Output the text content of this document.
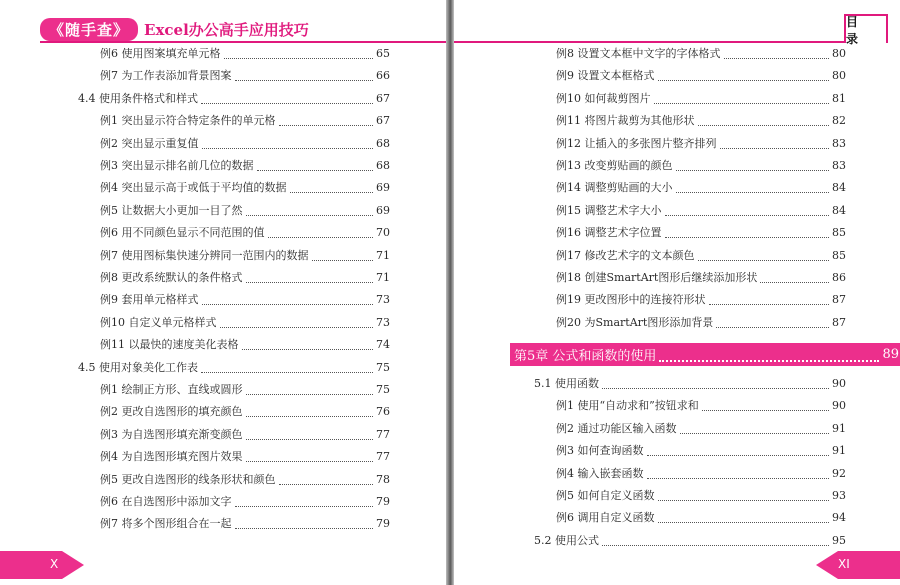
《随手查》	Excel办公高手应用技巧
例6 使用图案填充单元格	65
例7 为工作表添加背景图案	66
4.4 使用条件格式和样式	67
例1 突出显示符合特定条件的单元格	67
例2 突出显示重复值	68
例3 突出显示排名前几位的数据	68
例4 突出显示高于或低于平均值的数据	69
例5 让数据大小更加一目了然	69
例6 用不同颜色显示不同范围的值	70
例7 使用图标集快速分辨同一范围内的数据	71
例8 更改系统默认的条件格式	71
例9 套用单元格样式	73
例10 自定义单元格样式	73
例11 以最快的速度美化表格	74
4.5 使用对象美化工作表	75
例1 绘制正方形、直线或圆形	75
例2 更改自选图形的填充颜色	76
例3 为自选图形填充渐变颜色	77
例4 为自选图形填充图片效果	77
例5 更改自选图形的线条形状和颜色	78
例6 在自选图形中添加文字	79
例7 将多个图形组合在一起	79
X
目 录
例8 设置文本框中文字的字体格式	80
例9 设置文本框格式	80
例10 如何裁剪图片	81
例11 将图片裁剪为其他形状	82
例12 让插入的多张图片整齐排列	83
例13 改变剪贴画的颜色	83
例14 调整剪贴画的大小	84
例15 调整艺术字大小	84
例16 调整艺术字位置	85
例17 修改艺术字的文本颜色	85
例18 创建SmartArt图形后继续添加形状	86
例19 更改图形中的连接符形状	87
例20 为SmartArt图形添加背景	87
第5章 公式和函数的使用	89
5.1 使用函数	90
例1 使用“自动求和”按钮求和	90
例2 通过功能区输入函数	91
例3 如何查询函数	91
例4 输入嵌套函数	92
例5 如何自定义函数	93
例6 调用自定义函数	94
5.2 使用公式	95
XI
